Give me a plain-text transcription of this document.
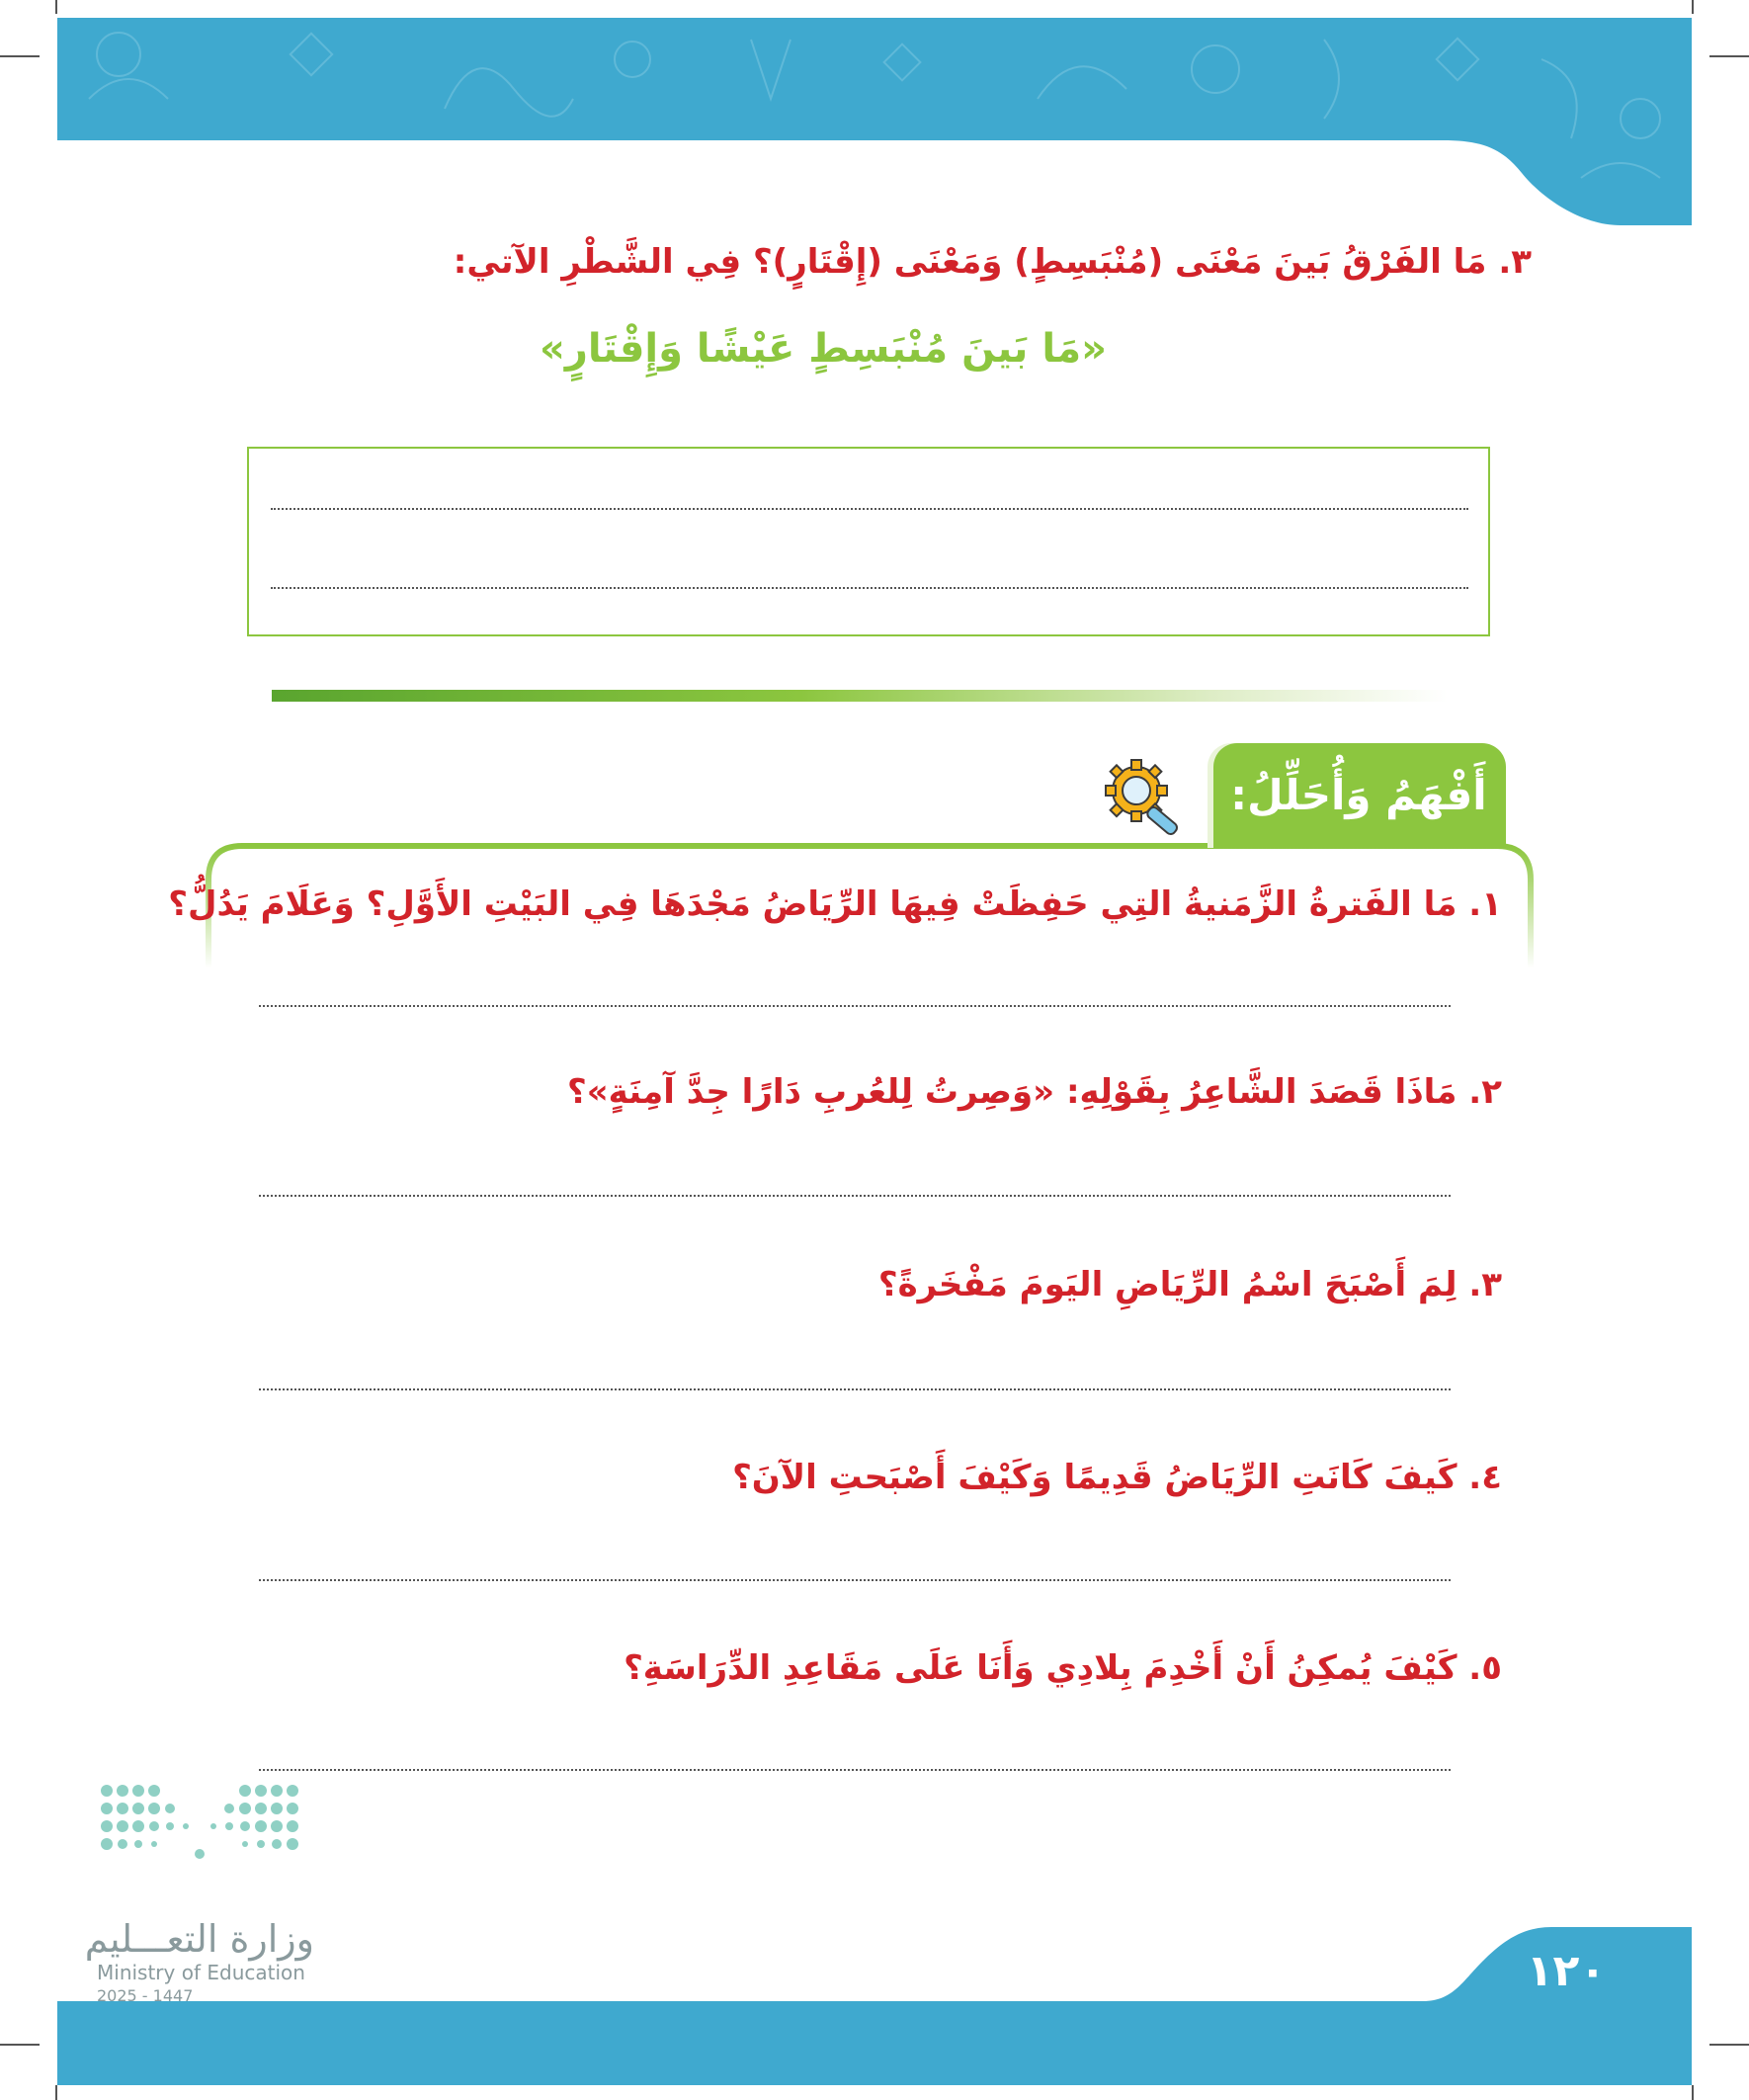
٣. مَا الفَرْقُ بَينَ مَعْنَى (مُنْبَسِطٍ) وَمَعْنَى (إِقْتَارٍ)؟ فِي الشَّطْرِ الآتي:
«مَا بَينَ مُنْبَسِطٍ عَيْشًا وَإِقْتَارٍ»
أَفْهَمُ وَأُحَلِّلُ:
١. مَا الفَترةُ الزَّمَنيةُ التِي حَفِظَتْ فِيهَا الرِّيَاضُ مَجْدَهَا فِي البَيْتِ الأَوَّلِ؟ وَعَلَامَ يَدُلُّ؟
٢. مَاذَا قَصَدَ الشَّاعِرُ بِقَوْلِهِ: «وَصِرتُ لِلعُربِ دَارًا جِدَّ آمِنَةٍ»؟
٣. لِمَ أَصْبَحَ اسْمُ الرِّيَاضِ اليَومَ مَفْخَرةً؟
٤. كَيفَ كَانَتِ الرِّيَاضُ قَدِيمًا وَكَيْفَ أَصْبَحتِ الآنَ؟
٥. كَيْفَ يُمكِنُ أَنْ أَخْدِمَ بِلادِي وَأَنَا عَلَى مَقَاعِدِ الدِّرَاسَةِ؟
وزارة التعـــليم
Ministry of Education
2025 - 1447	١٢٠
